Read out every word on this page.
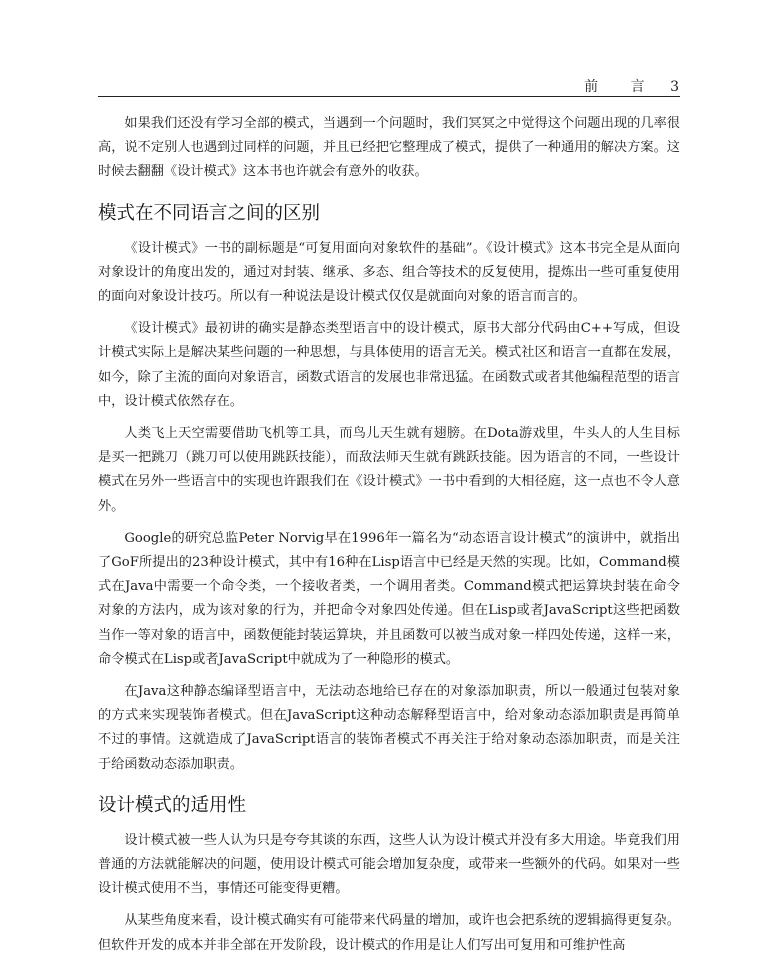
前 言 3

如果我们还没有学习全部的模式，当遇到一个问题时，我们冥冥之中觉得这个问题出现的几率很高，说不定别人也遇到过同样的问题，并且已经把它整理成了模式，提供了一种通用的解决方案。这时候去翻翻《设计模式》这本书也许就会有意外的收获。

模式在不同语言之间的区别

《设计模式》一书的副标题是“可复用面向对象软件的基础”。《设计模式》这本书完全是从面向对象设计的角度出发的，通过对封装、继承、多态、组合等技术的反复使用，提炼出一些可重复使用的面向对象设计技巧。所以有一种说法是设计模式仅仅是就面向对象的语言而言的。

《设计模式》最初讲的确实是静态类型语言中的设计模式，原书大部分代码由C++写成，但设计模式实际上是解决某些问题的一种思想，与具体使用的语言无关。模式社区和语言一直都在发展，如今，除了主流的面向对象语言，函数式语言的发展也非常迅猛。在函数式或者其他编程范型的语言中，设计模式依然存在。

人类飞上天空需要借助飞机等工具，而鸟儿天生就有翅膀。在Dota游戏里，牛头人的人生目标是买一把跳刀（跳刀可以使用跳跃技能），而敌法师天生就有跳跃技能。因为语言的不同，一些设计模式在另外一些语言中的实现也许跟我们在《设计模式》一书中看到的大相径庭，这一点也不令人意外。

Google的研究总监Peter Norvig早在1996年一篇名为“动态语言设计模式”的演讲中，就指出了GoF所提出的23种设计模式，其中有16种在Lisp语言中已经是天然的实现。比如，Command模式在Java中需要一个命令类，一个接收者类，一个调用者类。Command模式把运算块封装在命令对象的方法内，成为该对象的行为，并把命令对象四处传递。但在Lisp或者JavaScript这些把函数当作一等对象的语言中，函数便能封装运算块，并且函数可以被当成对象一样四处传递，这样一来，命令模式在Lisp或者JavaScript中就成为了一种隐形的模式。

在Java这种静态编译型语言中，无法动态地给已存在的对象添加职责，所以一般通过包装对象的方式来实现装饰者模式。但在JavaScript这种动态解释型语言中，给对象动态添加职责是再简单不过的事情。这就造成了JavaScript语言的装饰者模式不再关注于给对象动态添加职责，而是关注于给函数动态添加职责。

设计模式的适用性

设计模式被一些人认为只是夸夸其谈的东西，这些人认为设计模式并没有多大用途。毕竟我们用普通的方法就能解决的问题，使用设计模式可能会增加复杂度，或带来一些额外的代码。如果对一些设计模式使用不当，事情还可能变得更糟。

从某些角度来看，设计模式确实有可能带来代码量的增加，或许也会把系统的逻辑搞得更复杂。但软件开发的成本并非全部在开发阶段，设计模式的作用是让人们写出可复用和可维护性高
